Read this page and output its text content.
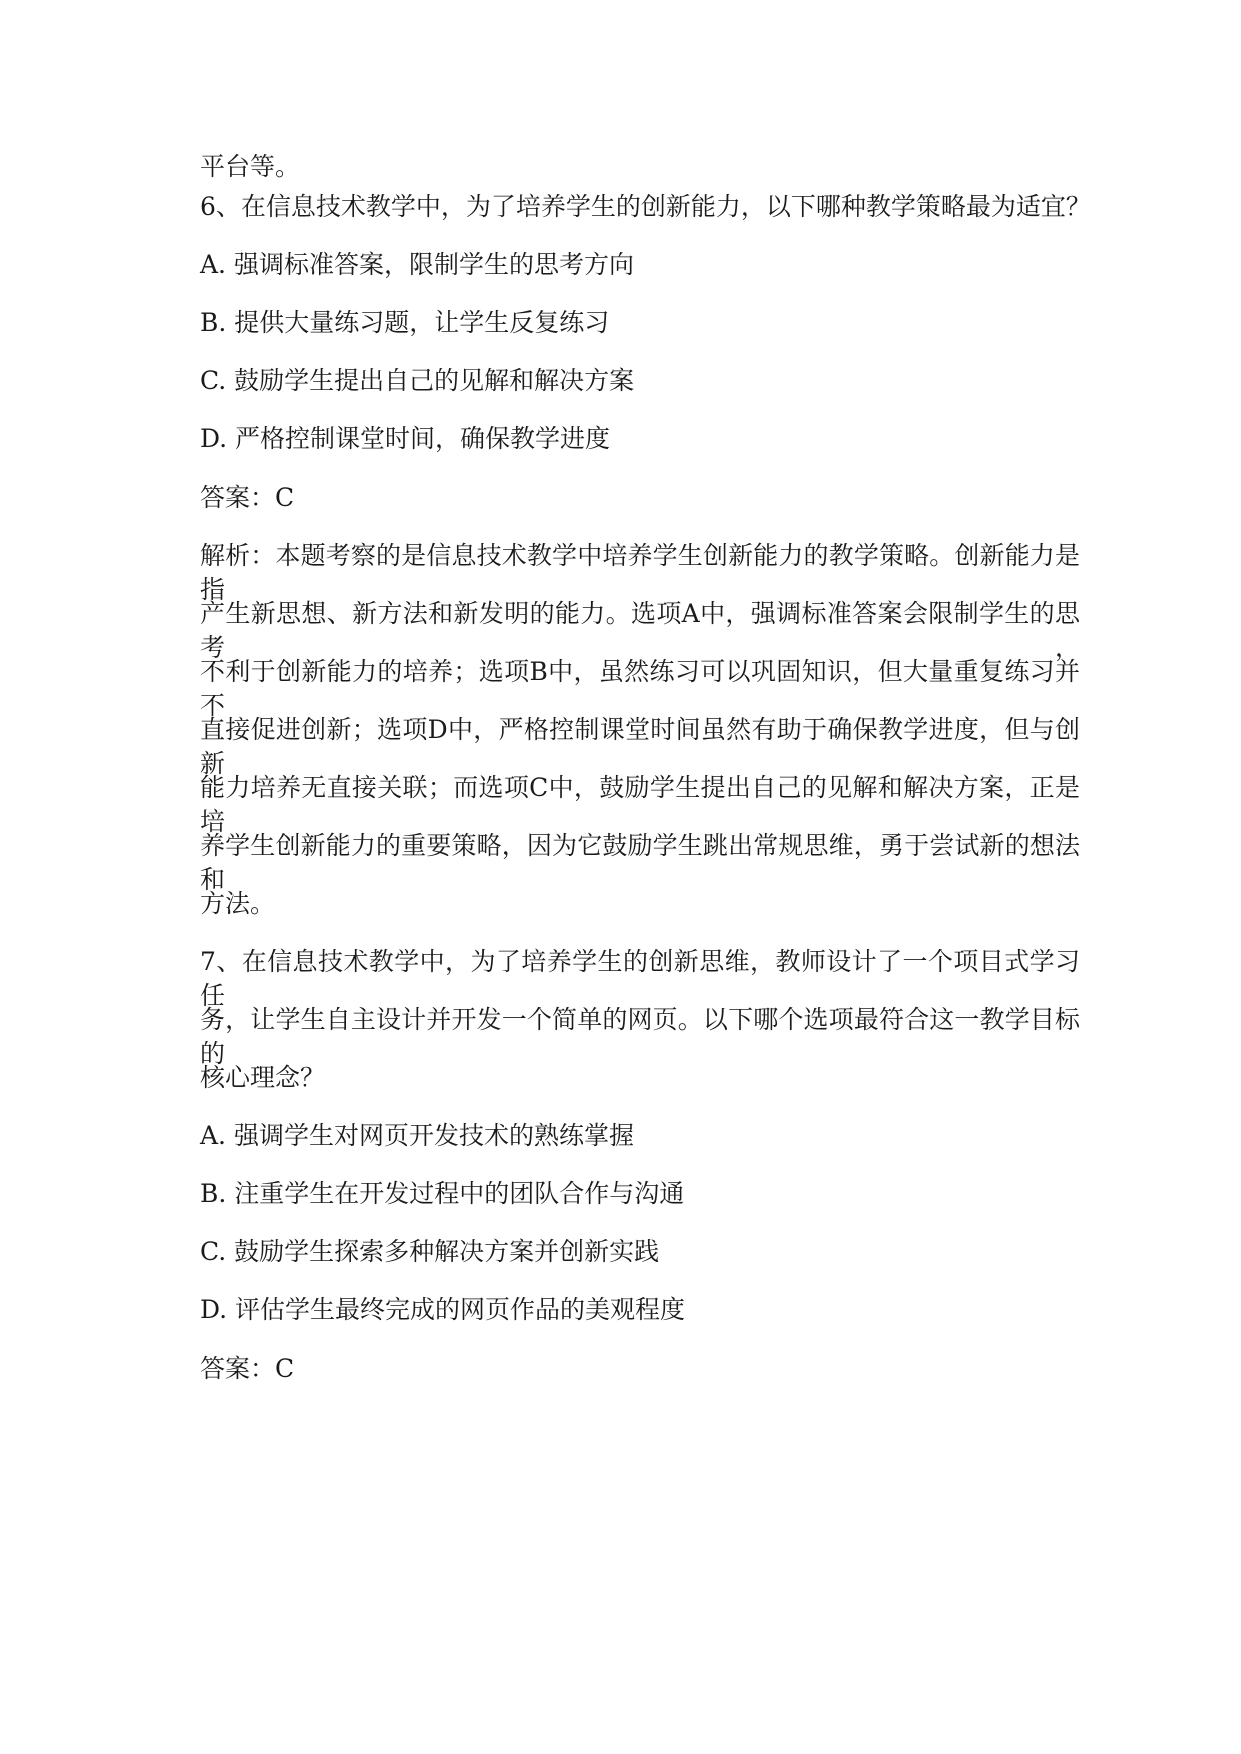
平台等。
6、在信息技术教学中，为了培养学生的创新能力，以下哪种教学策略最为适宜？
A. 强调标准答案，限制学生的思考方向
B. 提供大量练习题，让学生反复练习
C. 鼓励学生提出自己的见解和解决方案
D. 严格控制课堂时间，确保教学进度
答案：C
解析：本题考察的是信息技术教学中培养学生创新能力的教学策略。创新能力是指
产生新思想、新方法和新发明的能力。选项A中，强调标准答案会限制学生的思考，
不利于创新能力的培养；选项B中，虽然练习可以巩固知识，但大量重复练习并不
直接促进创新；选项D中，严格控制课堂时间虽然有助于确保教学进度，但与创新
能力培养无直接关联；而选项C中，鼓励学生提出自己的见解和解决方案，正是培
养学生创新能力的重要策略，因为它鼓励学生跳出常规思维，勇于尝试新的想法和
方法。
7、在信息技术教学中，为了培养学生的创新思维，教师设计了一个项目式学习任
务，让学生自主设计并开发一个简单的网页。以下哪个选项最符合这一教学目标的
核心理念？
A. 强调学生对网页开发技术的熟练掌握
B. 注重学生在开发过程中的团队合作与沟通
C. 鼓励学生探索多种解决方案并创新实践
D. 评估学生最终完成的网页作品的美观程度
答案：C
